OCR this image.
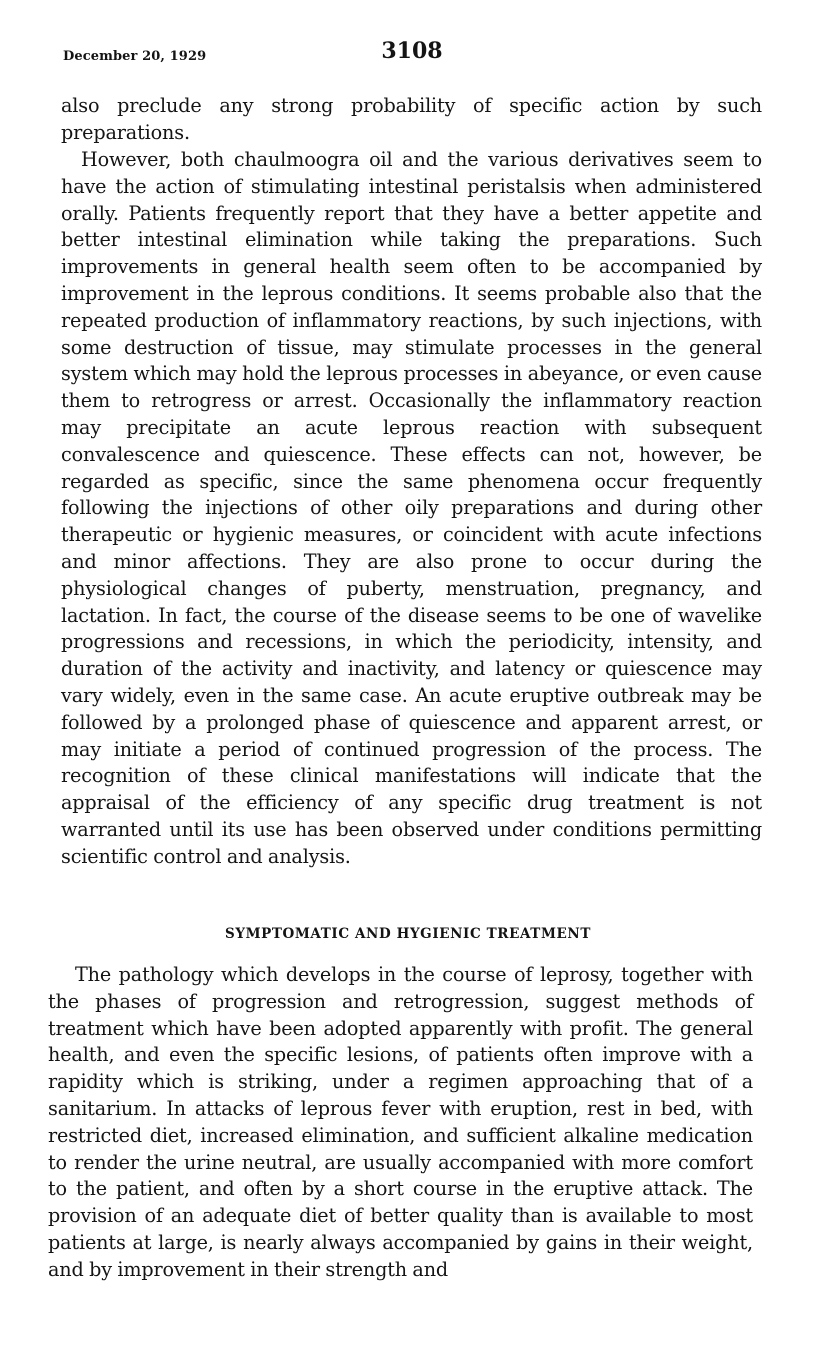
December 20, 1929	3108

also preclude any strong probability of specific action by such preparations.

However, both chaulmoogra oil and the various derivatives seem to have the action of stimulating intestinal peristalsis when administered orally. Patients frequently report that they have a better appetite and better intestinal elimination while taking the preparations. Such improvements in general health seem often to be accompanied by improvement in the leprous conditions. It seems probable also that the repeated production of inflammatory reactions, by such injections, with some destruction of tissue, may stimulate processes in the general system which may hold the leprous processes in abeyance, or even cause them to retrogress or arrest. Occasionally the inflammatory reaction may precipitate an acute leprous reaction with subsequent convalescence and quiescence. These effects can not, however, be regarded as specific, since the same phenomena occur frequently following the injections of other oily preparations and during other therapeutic or hygienic measures, or coincident with acute infections and minor affections. They are also prone to occur during the physiological changes of puberty, menstruation, pregnancy, and lactation. In fact, the course of the disease seems to be one of wavelike progressions and recessions, in which the periodicity, intensity, and duration of the activity and inactivity, and latency or quiescence may vary widely, even in the same case. An acute eruptive outbreak may be followed by a prolonged phase of quiescence and apparent arrest, or may initiate a period of continued progression of the process. The recognition of these clinical manifestations will indicate that the appraisal of the efficiency of any specific drug treatment is not warranted until its use has been observed under conditions permitting scientific control and analysis.

SYMPTOMATIC AND HYGIENIC TREATMENT

The pathology which develops in the course of leprosy, together with the phases of progression and retrogression, suggest methods of treatment which have been adopted apparently with profit. The general health, and even the specific lesions, of patients often improve with a rapidity which is striking, under a regimen approaching that of a sanitarium. In attacks of leprous fever with eruption, rest in bed, with restricted diet, increased elimination, and sufficient alkaline medication to render the urine neutral, are usually accompanied with more comfort to the patient, and often by a short course in the eruptive attack. The provision of an adequate diet of better quality than is available to most patients at large, is nearly always accompanied by gains in their weight, and by improvement in their strength and
